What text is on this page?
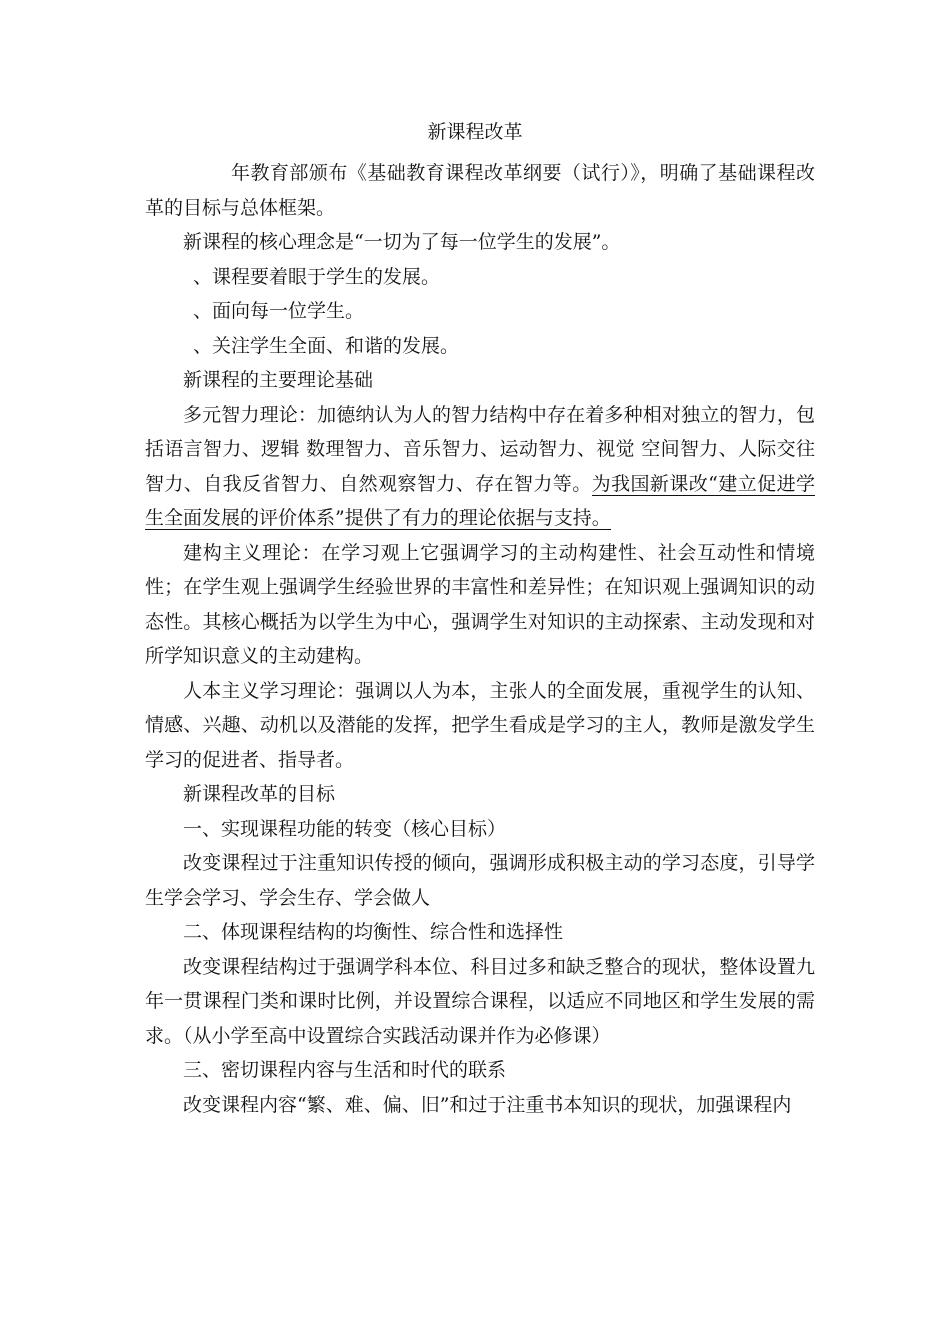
新课程改革

年教育部颁布《基础教育课程改革纲要（试行）》，明确了基础课程改革的目标与总体框架。

新课程的核心理念是“一切为了每一位学生的发展”。

、课程要着眼于学生的发展。

、面向每一位学生。

、关注学生全面、和谐的发展。

新课程的主要理论基础

多元智力理论：加德纳认为人的智力结构中存在着多种相对独立的智力，包括语言智力、逻辑 数理智力、音乐智力、运动智力、视觉 空间智力、人际交往智力、自我反省智力、自然观察智力、存在智力等。为我国新课改“建立促进学生全面发展的评价体系”提供了有力的理论依据与支持。

建构主义理论：在学习观上它强调学习的主动构建性、社会互动性和情境性；在学生观上强调学生经验世界的丰富性和差异性；在知识观上强调知识的动态性。其核心概括为以学生为中心，强调学生对知识的主动探索、主动发现和对所学知识意义的主动建构。

人本主义学习理论：强调以人为本，主张人的全面发展，重视学生的认知、情感、兴趣、动机以及潜能的发挥，把学生看成是学习的主人，教师是激发学生学习的促进者、指导者。

新课程改革的目标

一、实现课程功能的转变（核心目标）

改变课程过于注重知识传授的倾向，强调形成积极主动的学习态度，引导学生学会学习、学会生存、学会做人

二、体现课程结构的均衡性、综合性和选择性

改变课程结构过于强调学科本位、科目过多和缺乏整合的现状，整体设置九年一贯课程门类和课时比例，并设置综合课程，以适应不同地区和学生发展的需求。（从小学至高中设置综合实践活动课并作为必修课）

三、密切课程内容与生活和时代的联系

改变课程内容“繁、难、偏、旧”和过于注重书本知识的现状，加强课程内
